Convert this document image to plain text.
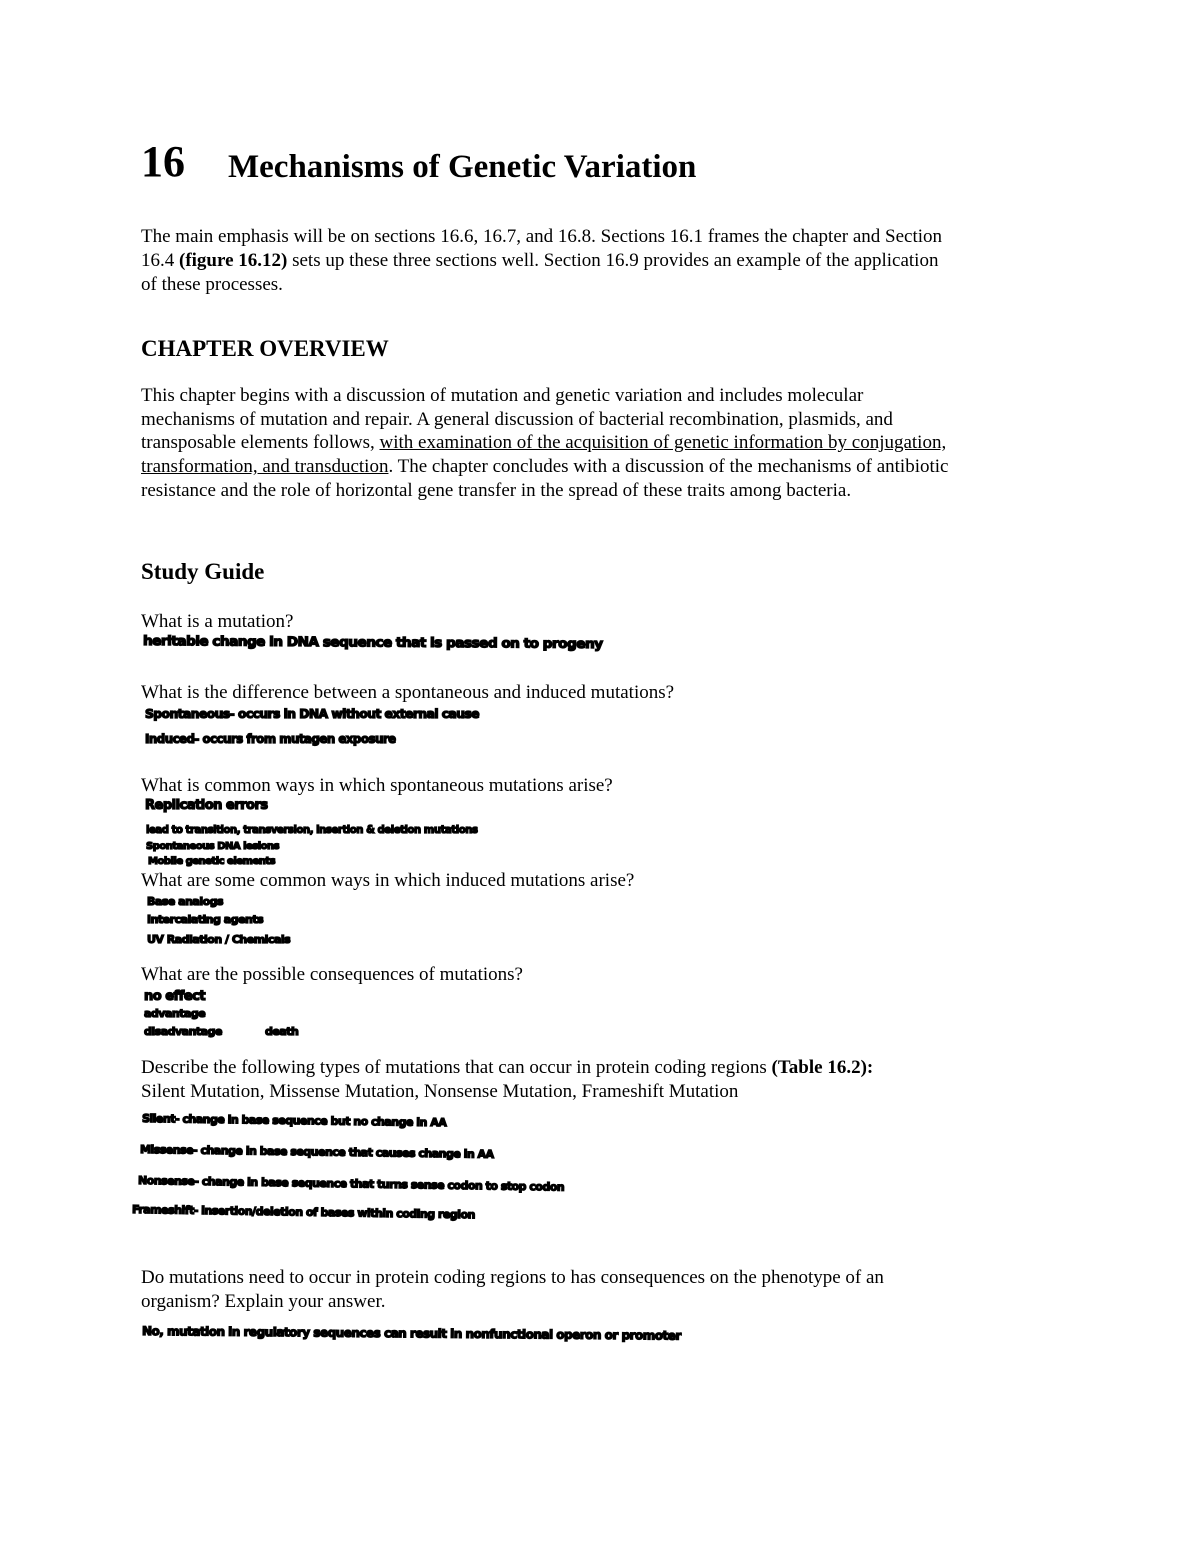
16 Mechanisms of Genetic Variation
The main emphasis will be on sections 16.6, 16.7, and 16.8. Sections 16.1 frames the chapter and Section
16.4 (figure 16.12) sets up these three sections well. Section 16.9 provides an example of the application
of these processes.
CHAPTER OVERVIEW
This chapter begins with a discussion of mutation and genetic variation and includes molecular
mechanisms of mutation and repair. A general discussion of bacterial recombination, plasmids, and
transposable elements follows, with examination of the acquisition of genetic information by conjugation,
transformation, and transduction. The chapter concludes with a discussion of the mechanisms of antibiotic
resistance and the role of horizontal gene transfer in the spread of these traits among bacteria.
Study Guide
What is a mutation?
heritable change in DNA sequence that is passed on to progeny
What is the difference between a spontaneous and induced mutations?
Spontaneous- occurs in DNA without external cause
Induced- occurs from mutagen exposure
What is common ways in which spontaneous mutations arise?
Replication errors
lead to transition, transversion, insertion & deletion mutations
Spontaneous DNA lesions
Mobile genetic elements
What are some common ways in which induced mutations arise?
Base analogs
Intercalating agents
UV Radiation / Chemicals
What are the possible consequences of mutations?
no effect
advantage
disadvantage	death
Describe the following types of mutations that can occur in protein coding regions (Table 16.2):
Silent Mutation, Missense Mutation, Nonsense Mutation, Frameshift Mutation
Silent- change in base sequence but no change in AA
Missense- change in base sequence that causes change in AA
Nonsense- change in base sequence that turns sense codon to stop codon
Frameshift- insertion/deletion of bases within coding region
Do mutations need to occur in protein coding regions to has consequences on the phenotype of an
organism? Explain your answer.
No, mutation in regulatory sequences can result in nonfunctional operon or promoter
